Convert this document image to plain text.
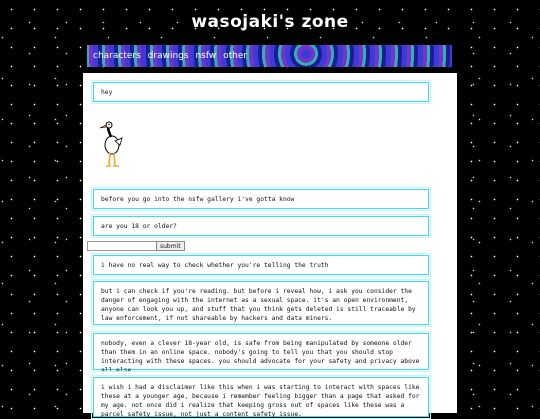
wasojaki's zone
characters drawings nsfw other
hey
before you go into the nsfw gallery i've gotta know
are you 18 or older?
submit
i have no real way to check whether you're telling the truth
but i can check if you're reading. but before i reveal how, i ask you consider the danger of engaging with the internet as a sexual space. it's an open environment, anyone can look you up, and stuff that you think gets deleted is still traceable by law enforcement, if not shareable by hackers and data miners.
nobody, even a clever 18-year old, is safe from being manipulated by someone older than them in an online space. nobody's going to tell you that you should stop interacting with these spaces. you should advocate for your safety and privacy above all else.
i wish i had a disclaimer like this when i was starting to interact with spaces like these at a younger age, because i remember feeling bigger than a page that asked for my age. not once did i realize that keeping gross out of spaces like these was a parcel safety issue, not just a content safety issue.
